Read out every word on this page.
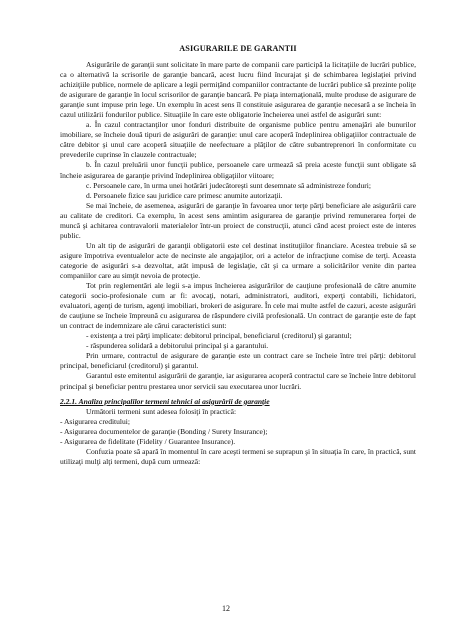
ASIGURARILE DE GARANTII

Asigurările de garanţii sunt solicitate în mare parte de companii care participă la licitaţiile de lucrări publice, ca o alternativă la scrisorile de garanţie bancară, acest lucru fiind încurajat şi de schimbarea legislaţiei privind achiziţiile publice, normele de aplicare a legii permiţând companiilor contractante de lucrări publice să prezinte poliţe de asigurare de garanţie în locul scrisorilor de garanţie bancară. Pe piaţa internaţională, multe produse de asigurare de garanţie sunt impuse prin lege. Un exemplu în acest sens îl constituie asigurarea de garanţie necesară a se încheia în cazul utilizării fondurilor publice. Situaţiile în care este obligatorie încheierea unei astfel de asigurări sunt:

a. În cazul contractanţilor unor fonduri distribuite de organisme publice pentru amenajări ale bunurilor imobiliare, se încheie două tipuri de asigurări de garanţie: unul care acoperă îndeplinirea obligaţiilor contractuale de către debitor şi unul care acoperă situaţiile de neefectuare a plăţilor de către subantreprenori în conformitate cu prevederile cuprinse în clauzele contractuale;

b. În cazul preluării unor funcţii publice, persoanele care urmează să preia aceste funcţii sunt obligate să încheie asigurarea de garanţie privind îndeplinirea obligaţiilor viitoare;

c. Persoanele care, în urma unei hotărâri judecătoreşti sunt desemnate să administreze fonduri;

d. Persoanele fizice sau juridice care primesc anumite autorizaţii.

Se mai încheie, de asemenea, asigurări de garanţie în favoarea unor terţe părţi beneficiare ale asigurării care au calitate de creditori. Ca exemplu, în acest sens amintim asigurarea de garanţie privind remunerarea forţei de muncă şi achitarea contravalorii materialelor într-un proiect de construcţii, atunci când acest proiect este de interes public.

Un alt tip de asigurări de garanţii obligatorii este cel destinat instituţiilor financiare. Acestea trebuie să se asigure împotriva eventualelor acte de necinste ale angajaţilor, ori a actelor de infracţiune comise de terţi. Aceasta categorie de asigurări s-a dezvoltat, atât impusă de legislaţie, cât şi ca urmare a solicitărilor venite din partea companiilor care au simţit nevoia de protecţie.

Tot prin reglementări ale legii s-a impus încheierea asigurărilor de cauţiune profesională de către anumite categorii socio-profesionale cum ar fi: avocaţi, notari, administratori, auditori, experţi contabili, lichidatori, evaluatori, agenţi de turism, agenţi imobiliari, brokeri de asigurare. În cele mai multe astfel de cazuri, aceste asigurări de cauţiune se încheie împreună cu asigurarea de răspundere civilă profesională. Un contract de garanţie este de fapt un contract de indemnizare ale cărui caracteristici sunt:

- existenţa a trei părţi implicate: debitorul principal, beneficiarul (creditorul) şi garantul;

- răspunderea solidară a debitorului principal şi a garantului.

Prin urmare, contractul de asigurare de garanţie este un contract care se încheie între trei părţi: debitorul principal, beneficiarul (creditorul) şi garantul.

Garantul este emitentul asigurării de garanţie, iar asigurarea acoperă contractul care se încheie între debitorul principal şi beneficiar pentru prestarea unor servicii sau executarea unor lucrări.

2.2.1. Analiza principalilor termeni tehnici ai asigurării de garanţie

Următorii termeni sunt adesea folosiţi în practică:

- Asigurarea creditului;

- Asigurarea documentelor de garanţie (Bonding / Surety Insurance);

- Asigurarea de fidelitate (Fidelity / Guarantee Insurance).

Confuzia poate să apară în momentul în care aceşti termeni se suprapun şi în situaţia în care, în practică, sunt utilizaţi mulţi alţi termeni, după cum urmează:

12
